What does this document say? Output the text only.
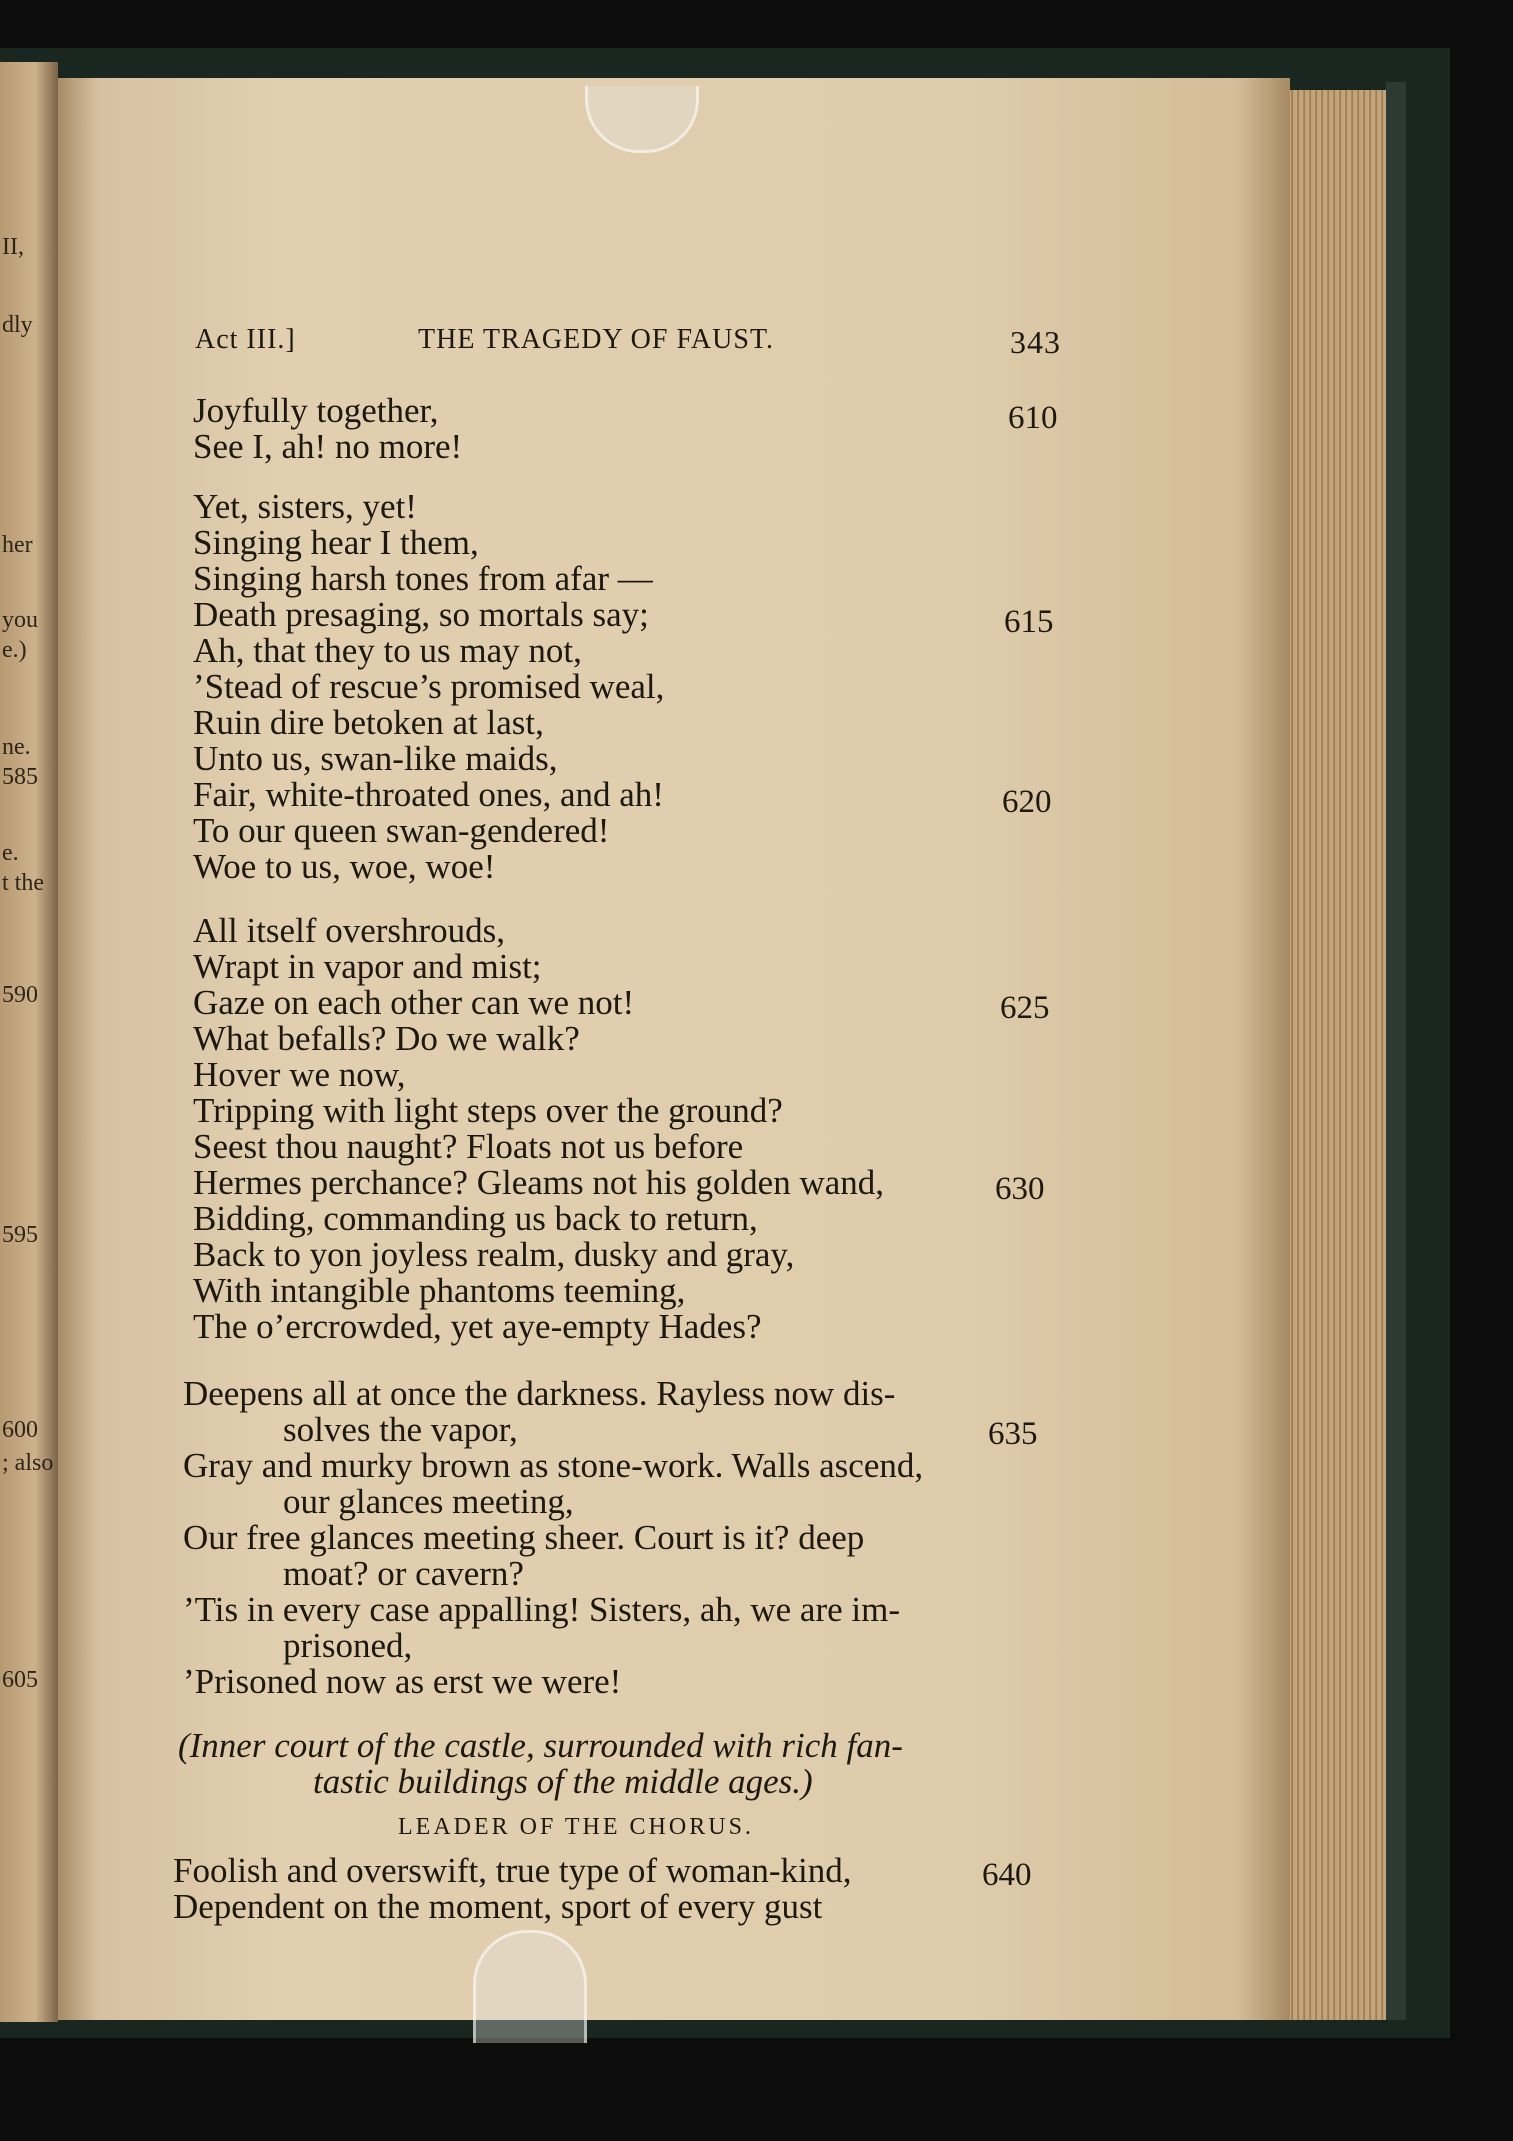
II,
dly
her
you
e.)
ne.
585
e.
t the
590
595
600
; also
605
Act III.]	THE TRAGEDY OF FAUST.	343
Joyfully together,
See I, ah! no more!
Yet, sisters, yet!
Singing hear I them,
Singing harsh tones from afar —
Death presaging, so mortals say;
Ah, that they to us may not,
’Stead of rescue’s promised weal,
Ruin dire betoken at last,
Unto us, swan-like maids,
Fair, white-throated ones, and ah!
To our queen swan-gendered!
Woe to us, woe, woe!
All itself overshrouds,
Wrapt in vapor and mist;
Gaze on each other can we not!
What befalls? Do we walk?
Hover we now,
Tripping with light steps over the ground?
Seest thou naught? Floats not us before
Hermes perchance? Gleams not his golden wand,
Bidding, commanding us back to return,
Back to yon joyless realm, dusky and gray,
With intangible phantoms teeming,
The o’ercrowded, yet aye-empty Hades?
Deepens all at once the darkness. Rayless now dis-
solves the vapor,
Gray and murky brown as stone-work. Walls ascend,
our glances meeting,
Our free glances meeting sheer. Court is it? deep
moat? or cavern?
’Tis in every case appalling! Sisters, ah, we are im-
prisoned,
’Prisoned now as erst we were!
(Inner court of the castle, surrounded with rich fan-
tastic buildings of the middle ages.)
LEADER OF THE CHORUS.
Foolish and overswift, true type of woman-kind,
Dependent on the moment, sport of every gust
610
615
620
625
630
635
640
